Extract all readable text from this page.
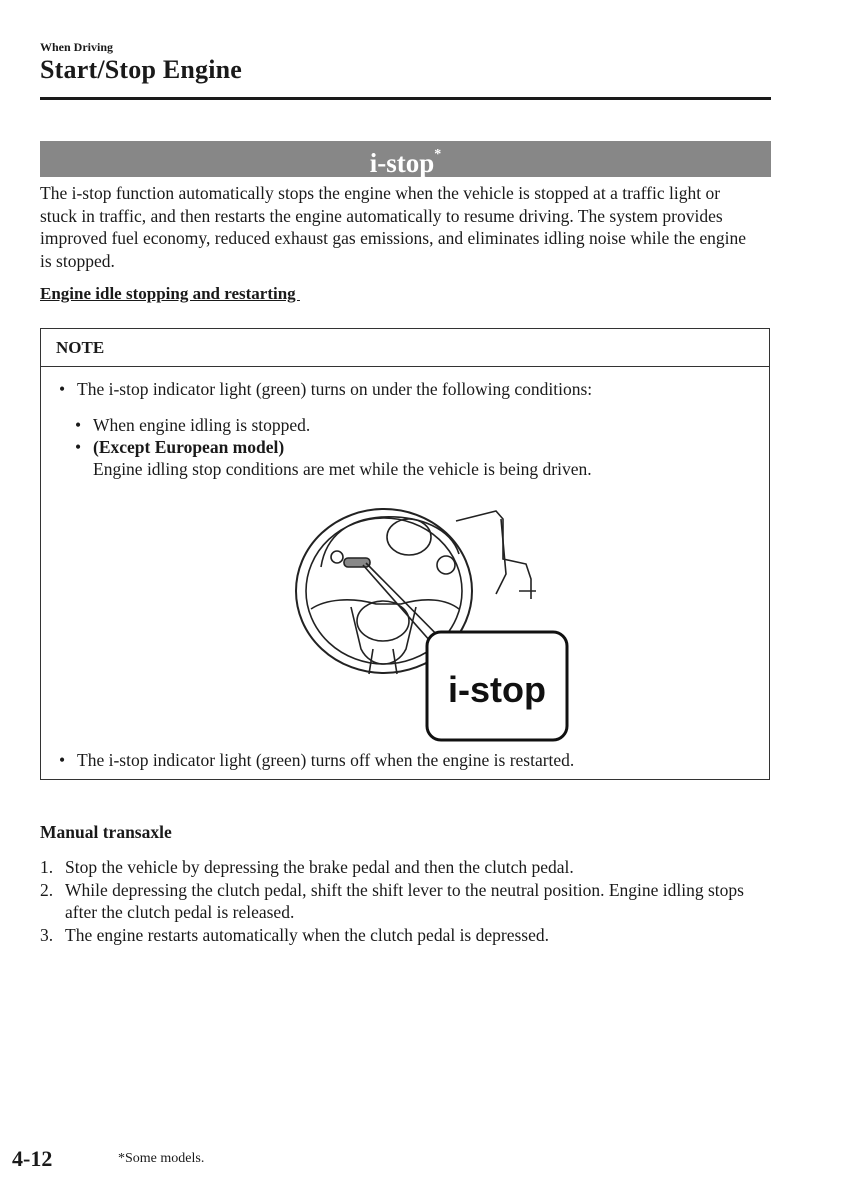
When Driving
Start/Stop Engine
i-stop*
The i-stop function automatically stops the engine when the vehicle is stopped at a traffic light or stuck in traffic, and then restarts the engine automatically to resume driving. The system provides improved fuel economy, reduced exhaust gas emissions, and eliminates idling noise while the engine is stopped.
Engine idle stopping and restarting
NOTE
• The i-stop indicator light (green) turns on under the following conditions:
• When engine idling is stopped.
• (Except European model)
Engine idling stop conditions are met while the vehicle is being driven.
i-stop
• The i-stop indicator light (green) turns off when the engine is restarted.
Manual transaxle
1. Stop the vehicle by depressing the brake pedal and then the clutch pedal.
2. While depressing the clutch pedal, shift the shift lever to the neutral position. Engine idling stops after the clutch pedal is released.
3. The engine restarts automatically when the clutch pedal is depressed.
4-12	*Some models.
